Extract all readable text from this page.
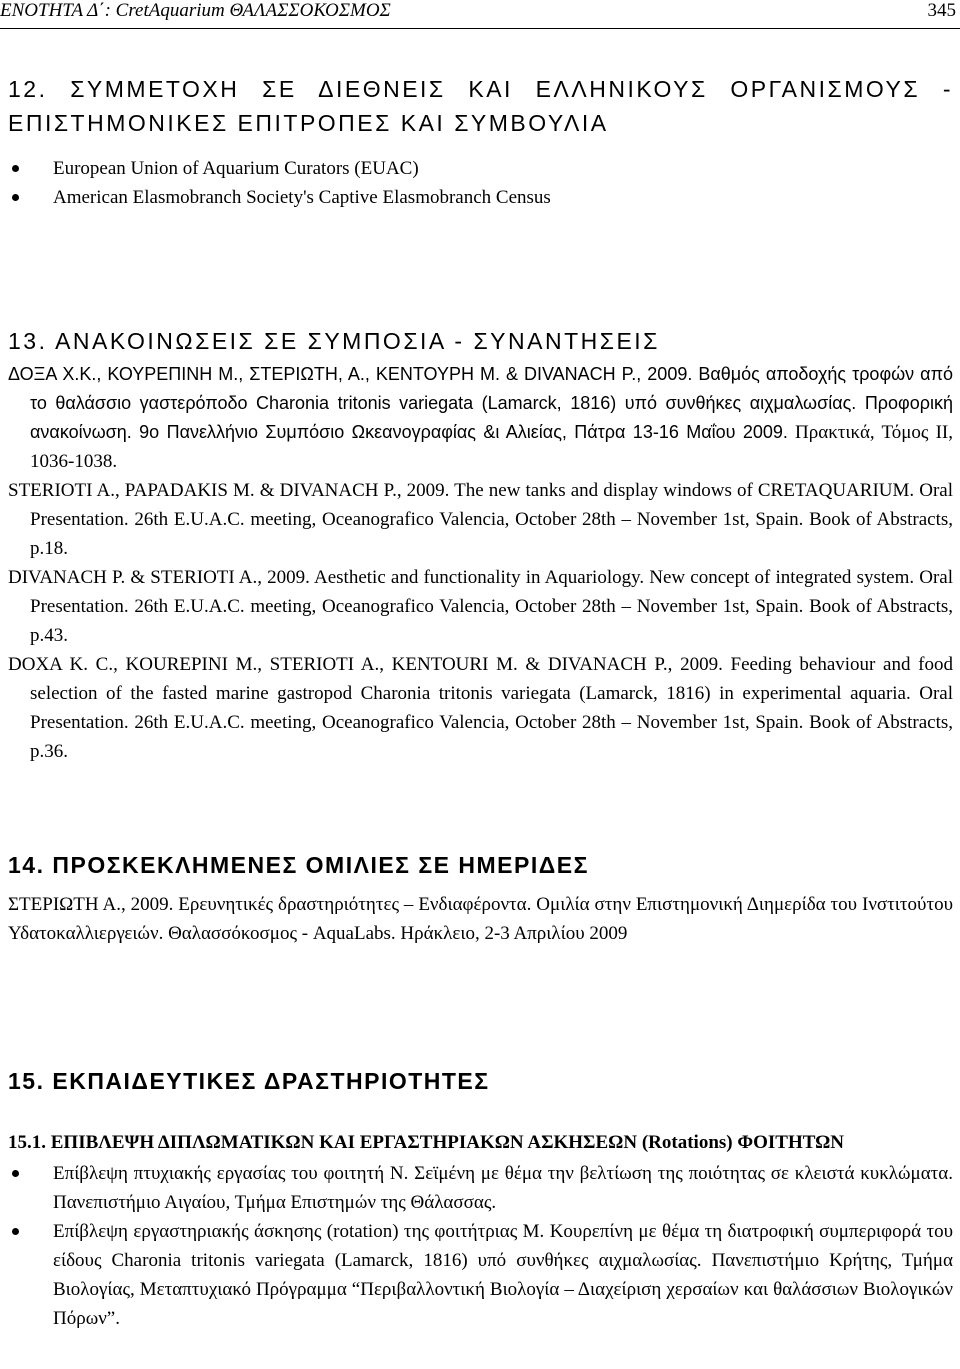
ΕΝΟΤΗΤΑ Δ΄: CretAquarium ΘΑΛΑΣΣΟΚΟΣΜΟΣ	345
12. ΣΥΜΜΕΤΟΧΗ ΣΕ ΔΙΕΘΝΕΙΣ ΚΑΙ ΕΛΛΗΝΙΚΟΥΣ ΟΡΓΑΝΙΣΜΟΥΣ - ΕΠΙΣΤΗΜΟΝΙΚΕΣ ΕΠΙΤΡΟΠΕΣ ΚΑΙ ΣΥΜΒΟΥΛΙΑ
European Union of Aquarium Curators (EUAC)
American Elasmobranch Society's Captive Elasmobranch Census
13. ΑΝΑΚΟΙΝΩΣΕΙΣ ΣΕ ΣΥΜΠΟΣΙΑ - ΣΥΝΑΝΤΗΣΕΙΣ

ΔΟΞΑ Χ.Κ., ΚΟΥΡΕΠΙΝΗ Μ., ΣΤΕΡΙΩΤΗ, Α., ΚΕΝΤΟΥΡΗ Μ. & DIVANACH P., 2009. Βαθμός αποδοχής τροφών από το θαλάσσιο γαστερόποδο Charonia tritonis variegata (Lamarck, 1816) υπό συνθήκες αιχμαλωσίας. Προφορική ανακοίνωση. 9ο Πανελλήνιο Συμπόσιο Ωκεανογραφίας &ι Αλιείας, Πάτρα 13-16 Μαΐου 2009. Πρακτικά, Τόμος ΙΙ, 1036-1038.

STERIOTI A., PAPADAKIS M. & DIVANACH P., 2009. The new tanks and display windows of CRETAQUARIUM. Oral Presentation. 26th E.U.A.C. meeting, Oceanografico Valencia, October 28th – November 1st, Spain. Book of Abstracts, p.18.

DIVANACH P. & STERIOTI A., 2009. Aesthetic and functionality in Aquariology. New concept of integrated system. Oral Presentation. 26th E.U.A.C. meeting, Oceanografico Valencia, October 28th – November 1st, Spain. Book of Abstracts, p.43.

DOXA K. C., KOUREPINI M., STERIOTI A., KENTOURI M. & DIVANACH P., 2009. Feeding behaviour and food selection of the fasted marine gastropod Charonia tritonis variegata (Lamarck, 1816) in experimental aquaria. Oral Presentation. 26th E.U.A.C. meeting, Oceanografico Valencia, October 28th – November 1st, Spain. Book of Abstracts, p.36.

14. ΠΡΟΣΚΕΚΛΗΜΕΝΕΣ ΟΜΙΛΙΕΣ ΣΕ ΗΜΕΡΙΔΕΣ

ΣΤΕΡΙΩΤΗ Α., 2009. Ερευνητικές δραστηριότητες – Ενδιαφέροντα. Ομιλία στην Επιστημονική Διημερίδα του Ινστιτούτου Υδατοκαλλιεργειών. Θαλασσόκοσμος - AquaLabs. Ηράκλειο, 2-3 Απριλίου 2009

15. ΕΚΠΑΙΔΕΥΤΙΚΕΣ ΔΡΑΣΤΗΡΙΟΤΗΤΕΣ

15.1. ΕΠΙΒΛΕΨΗ ΔΙΠΛΩΜΑΤΙΚΩΝ ΚΑΙ ΕΡΓΑΣΤΗΡΙΑΚΩΝ ΑΣΚΗΣΕΩΝ (Rotations) ΦΟΙΤΗΤΩΝ

Επίβλεψη πτυχιακής εργασίας του φοιτητή Ν. Σεϊμένη με θέμα την βελτίωση της ποιότητας σε κλειστά κυκλώματα. Πανεπιστήμιο Αιγαίου, Τμήμα Επιστημών της Θάλασσας.
Επίβλεψη εργαστηριακής άσκησης (rotation) της φοιτήτριας Μ. Κουρεπίνη με θέμα τη διατροφική συμπεριφορά του είδους Charonia tritonis variegata (Lamarck, 1816) υπό συνθήκες αιχμαλωσίας. Πανεπιστήμιο Κρήτης, Τμήμα Βιολογίας, Μεταπτυχιακό Πρόγραμμα “Περιβαλλοντική Βιολογία – Διαχείριση χερσαίων και θαλάσσιων Βιολογικών Πόρων”.
